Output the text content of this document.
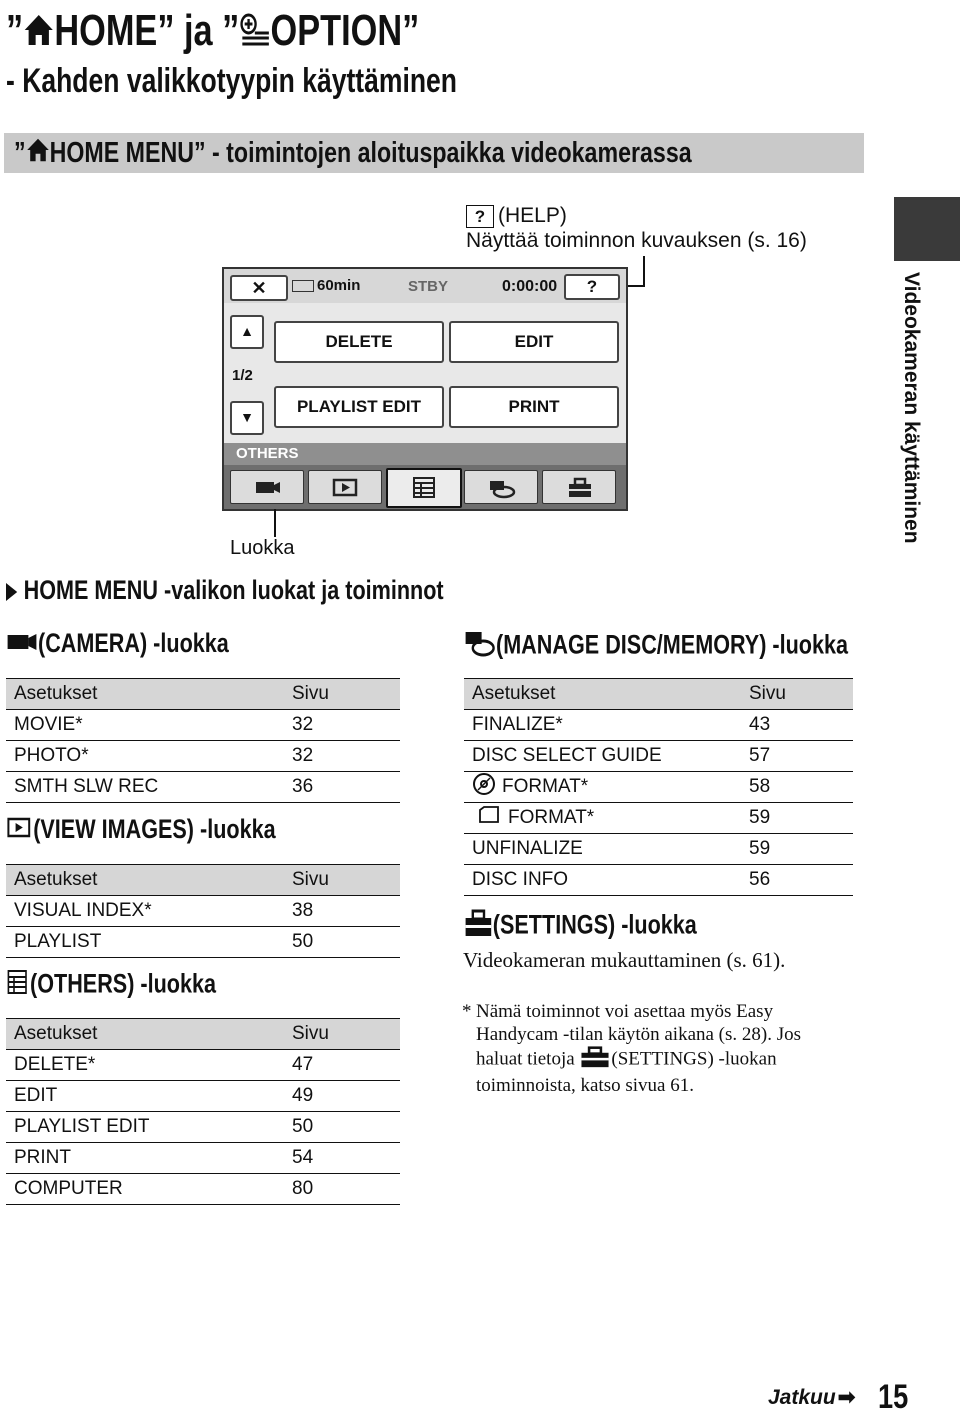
” HOME” ja ” OPTION”
- Kahden valikkotyypin käyttäminen
” HOME MENU” - toimintojen aloituspaikka videokamerassa
Videokameran käyttäminen
? (HELP)
Näyttää toiminnon kuvauksen (s. 16)
✕	60min	STBY	0:00:00	?
▲
1/2
▼
DELETE	EDIT
PLAYLIST EDIT	PRINT
OTHERS
Luokka
HOME MENU -valikon luokat ja toiminnot
(CAMERA) -luokka
Asetukset	Sivu
MOVIE*	32
PHOTO*	32
SMTH SLW REC	36
(VIEW IMAGES) -luokka
Asetukset	Sivu
VISUAL INDEX*	38
PLAYLIST	50
(OTHERS) -luokka
Asetukset	Sivu
DELETE*	47
EDIT	49
PLAYLIST EDIT	50
PRINT	54
COMPUTER	80
(MANAGE DISC/MEMORY) -luokka
Asetukset	Sivu
FINALIZE*	43
DISC SELECT GUIDE	57
FORMAT*	58
FORMAT*	59
UNFINALIZE	59
DISC INFO	56
(SETTINGS) -luokka
Videokameran mukauttaminen (s. 61).
* Nämä toiminnot voi asettaa myös Easy
Handycam -tilan käytön aikana (s. 28). Jos
haluat tietoja (SETTINGS) -luokan
toiminnoista, katso sivua 61.
Jatkuu➡ 15
